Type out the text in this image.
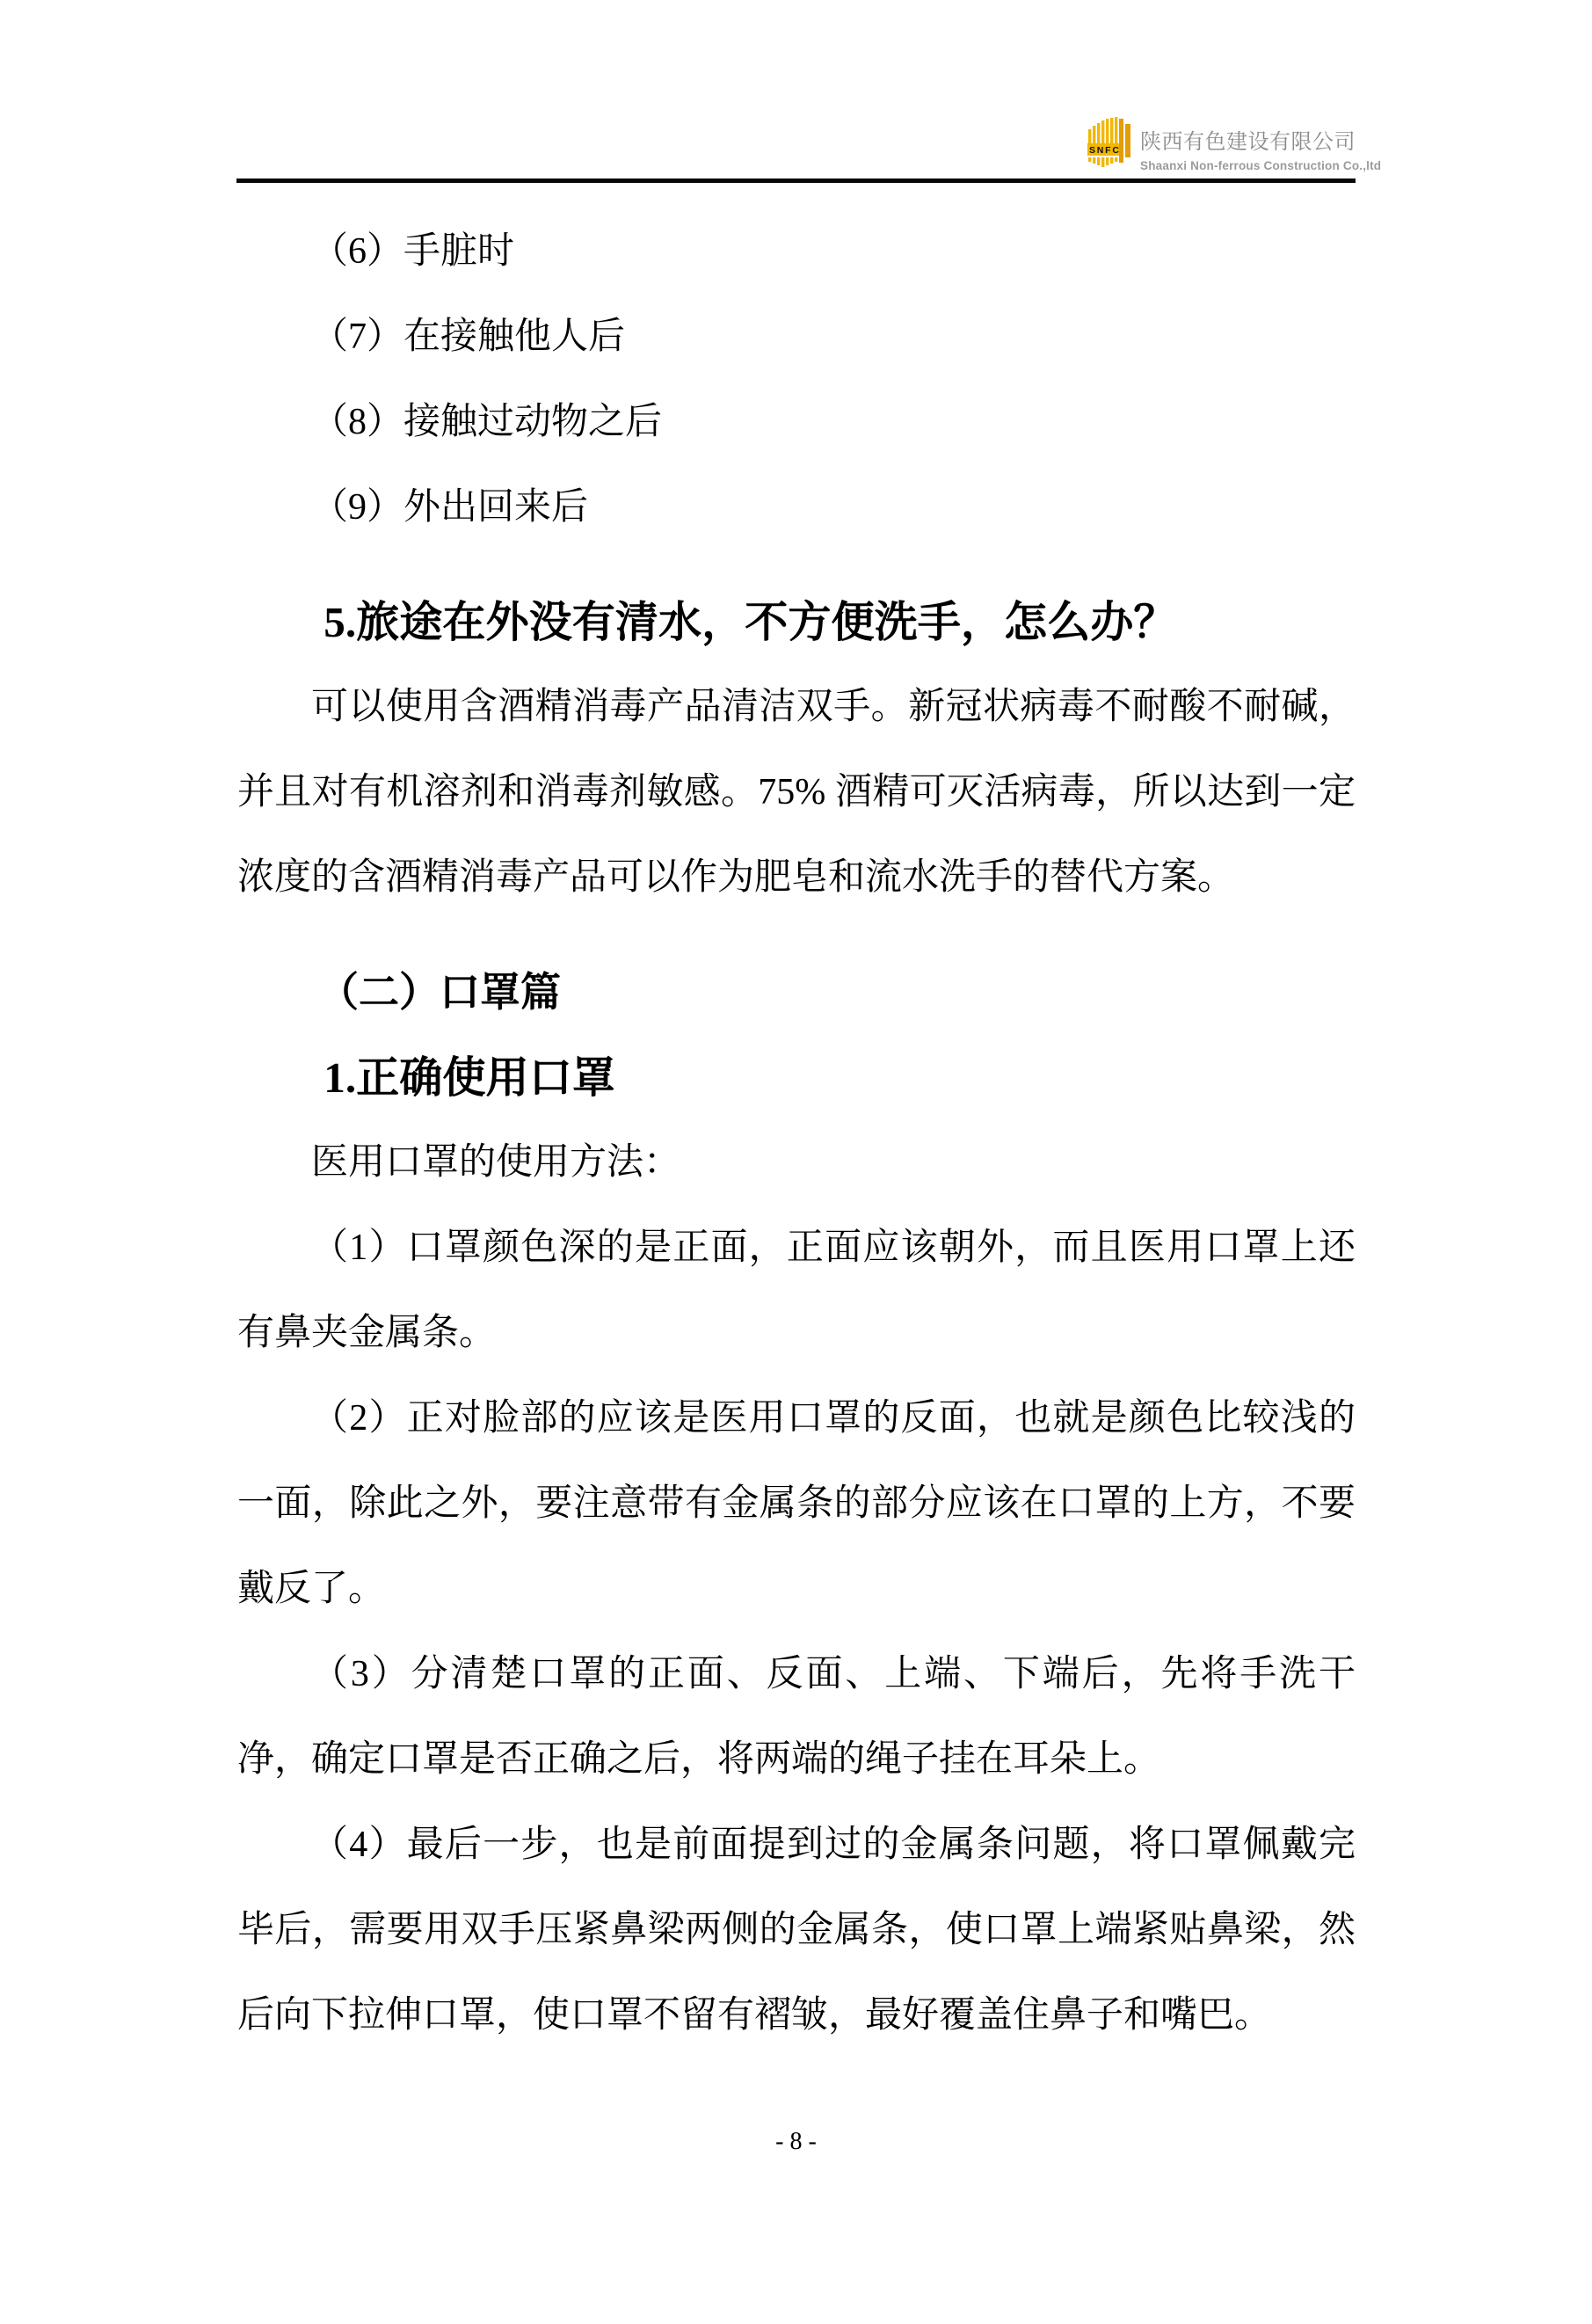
SNFC 陕西有色建设有限公司
Shaanxi Non-ferrous Construction Co.,ltd

（6）手脏时

（7）在接触他人后

（8）接触过动物之后

（9）外出回来后

5.旅途在外没有清水，不方便洗手，怎么办？

可以使用含酒精消毒产品清洁双手。新冠状病毒不耐酸不耐碱，并且对有机溶剂和消毒剂敏感。75% 酒精可灭活病毒，所以达到一定浓度的含酒精消毒产品可以作为肥皂和流水洗手的替代方案。

（二）口罩篇
1.正确使用口罩

医用口罩的使用方法：

（1）口罩颜色深的是正面，正面应该朝外，而且医用口罩上还有鼻夹金属条。

（2）正对脸部的应该是医用口罩的反面，也就是颜色比较浅的一面，除此之外，要注意带有金属条的部分应该在口罩的上方，不要戴反了。

（3）分清楚口罩的正面、反面、上端、下端后，先将手洗干净，确定口罩是否正确之后，将两端的绳子挂在耳朵上。

（4）最后一步，也是前面提到过的金属条问题，将口罩佩戴完毕后，需要用双手压紧鼻梁两侧的金属条，使口罩上端紧贴鼻梁，然后向下拉伸口罩，使口罩不留有褶皱，最好覆盖住鼻子和嘴巴。

- 8 -
